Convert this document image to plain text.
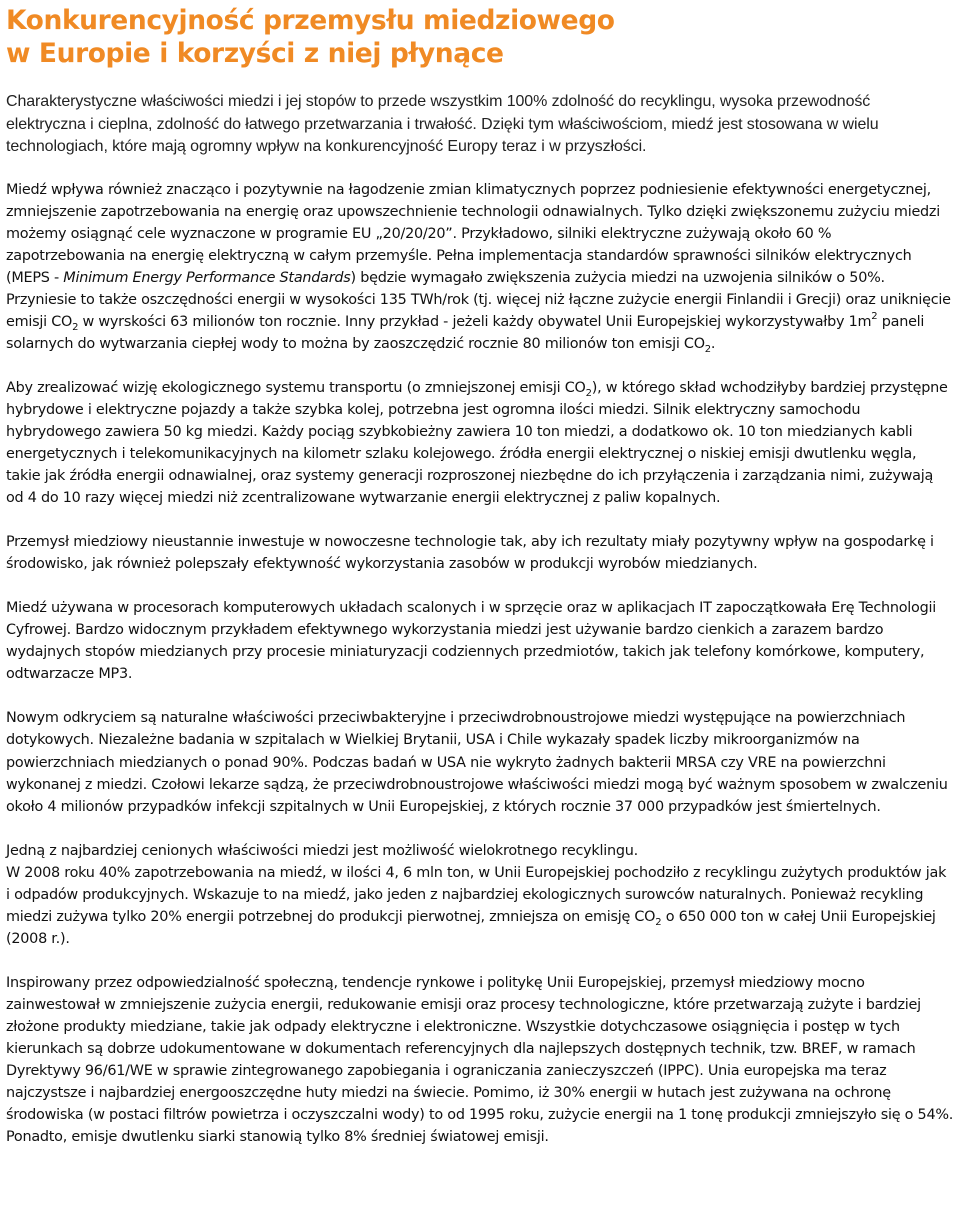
Konkurencyjność przemysłu miedziowego
w Europie i korzyści z niej płynące

Charakterystyczne właściwości miedzi i jej stopów to przede wszystkim 100% zdolność do recyklingu, wysoka przewodność elektryczna i cieplna, zdolność do łatwego przetwarzania i trwałość. Dzięki tym właściwościom, miedź jest stosowana w wielu technologiach, które mają ogromny wpływ na konkurencyjność Europy teraz i w przyszłości.

Miedź wpływa również znacząco i pozytywnie na łagodzenie zmian klimatycznych poprzez podniesienie efektywności energetycznej, zmniejszenie zapotrzebowania na energię oraz upowszechnienie technologii odnawialnych. Tylko dzięki zwiększonemu zużyciu miedzi możemy osiągnąć cele wyznaczone w programie EU „20/20/20”. Przykładowo, silniki elektryczne zużywają około 60 % zapotrzebowania na energię elektryczną w całym przemyśle. Pełna implementacja standardów sprawności silników elektrycznych (MEPS - Minimum Energy Performance Standards) będzie wymagało zwiększenia zużycia miedzi na uzwojenia silników o 50%. Przyniesie to także oszczędności energii w wysokości 135 TWh/rok (tj. więcej niż łączne zużycie energii Finlandii i Grecji) oraz uniknięcie emisji $CO_2$ w wyrskości 63 milionów ton rocznie. Inny przykład - jeżeli każdy obywatel Unii Europejskiej wykorzystywałby $1m^2$ paneli solarnych do wytwarzania ciepłej wody to można by zaoszczędzić rocznie 80 milionów ton emisji $CO_2$.

Aby zrealizować wizję ekologicznego systemu transportu (o zmniejszonej emisji $CO_2$), w którego skład wchodziłyby bardziej przystępne hybrydowe i elektryczne pojazdy a także szybka kolej, potrzebna jest ogromna ilości miedzi. Silnik elektryczny samochodu hybrydowego zawiera 50 kg miedzi. Każdy pociąg szybkobieżny zawiera 10 ton miedzi, a dodatkowo ok. 10 ton miedzianych kabli energetycznych i telekomunikacyjnych na kilometr szlaku kolejowego. źródła energii elektrycznej o niskiej emisji dwutlenku węgla, takie jak źródła energii odnawialnej, oraz systemy generacji rozproszonej niezbędne do ich przyłączenia i zarządzania nimi, zużywają od 4 do 10 razy więcej miedzi niż zcentralizowane wytwarzanie energii elektrycznej z paliw kopalnych.

Przemysł miedziowy nieustannie inwestuje w nowoczesne technologie tak, aby ich rezultaty miały pozytywny wpływ na gospodarkę i środowisko, jak również polepszały efektywność wykorzystania zasobów w produkcji wyrobów miedzianych.

Miedź używana w procesorach komputerowych układach scalonych i w sprzęcie oraz w aplikacjach IT zapoczątkowała Erę Technologii Cyfrowej. Bardzo widocznym przykładem efektywnego wykorzystania miedzi jest używanie bardzo cienkich a zarazem bardzo wydajnych stopów miedzianych przy procesie miniaturyzacji codziennych przedmiotów, takich jak telefony komórkowe, komputery, odtwarzacze MP3.

Nowym odkryciem są naturalne właściwości przeciwbakteryjne i przeciwdrobnoustrojowe miedzi występujące na powierzchniach dotykowych. Niezależne badania w szpitalach w Wielkiej Brytanii, USA i Chile wykazały spadek liczby mikroorganizmów na powierzchniach miedzianych o ponad 90%. Podczas badań w USA nie wykryto żadnych bakterii MRSA czy VRE na powierzchni wykonanej z miedzi. Czołowi lekarze sądzą, że przeciwdrobnoustrojowe właściwości miedzi mogą być ważnym sposobem w zwalczeniu około 4 milionów przypadków infekcji szpitalnych w Unii Europejskiej, z których rocznie 37 000 przypadków jest śmiertelnych.

Jedną z najbardziej cenionych właściwości miedzi jest możliwość wielokrotnego recyklingu.
W 2008 roku 40% zapotrzebowania na miedź, w ilości 4, 6 mln ton, w Unii Europejskiej pochodziło z recyklingu zużytych produktów jak i odpadów produkcyjnych. Wskazuje to na miedź, jako jeden z najbardziej ekologicznych surowców naturalnych. Ponieważ recykling miedzi zużywa tylko 20% energii potrzebnej do produkcji pierwotnej, zmniejsza on emisję $CO_2$ o 650 000 ton w całej Unii Europejskiej (2008 r.).

Inspirowany przez odpowiedzialność społeczną, tendencje rynkowe i politykę Unii Europejskiej, przemysł miedziowy mocno zainwestował w zmniejszenie zużycia energii, redukowanie emisji oraz procesy technologiczne, które przetwarzają zużyte i bardziej złożone produkty miedziane, takie jak odpady elektryczne i elektroniczne. Wszystkie dotychczasowe osiągnięcia i postęp w tych kierunkach są dobrze udokumentowane w dokumentach referencyjnych dla najlepszych dostępnych technik, tzw. BREF, w ramach Dyrektywy 96/61/WE w sprawie zintegrowanego zapobiegania i ograniczania zanieczyszczeń (IPPC). Unia europejska ma teraz najczystsze i najbardziej energooszczędne huty miedzi na świecie. Pomimo, iż 30% energii w hutach jest zużywana na ochronę środowiska (w postaci filtrów powietrza i oczyszczalni wody) to od 1995 roku, zużycie energii na 1 tonę produkcji zmniejszyło się o 54%. Ponadto, emisje dwutlenku siarki stanowią tylko 8% średniej światowej emisji.
